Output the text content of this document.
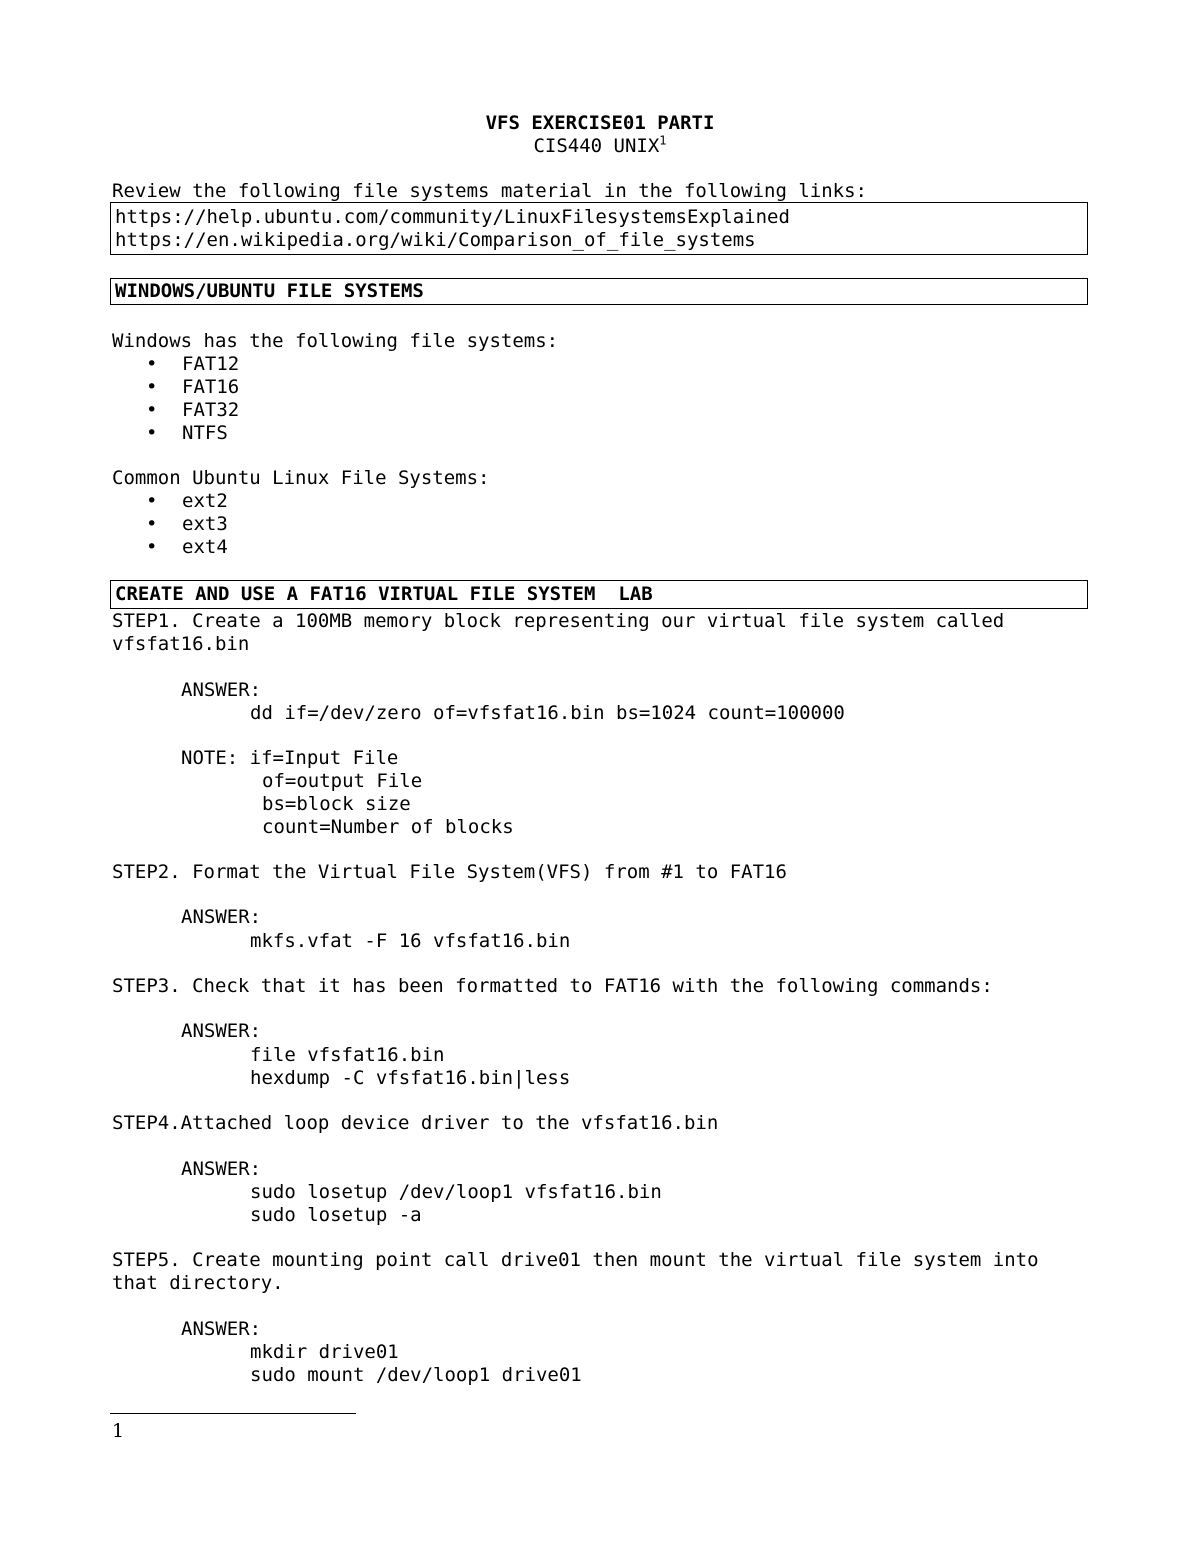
VFS EXERCISE01 PARTI
CIS440 UNIX$^1$
Review the following file systems material in the following links:
https://help.ubuntu.com/community/LinuxFilesystemsExplained
https://en.wikipedia.org/wiki/Comparison_of_file_systems
WINDOWS/UBUNTU FILE SYSTEMS
Windows has the following file systems:
• FAT12
• FAT16
• FAT32
• NTFS
Common Ubuntu Linux File Systems:
• ext2
• ext3
• ext4
CREATE AND USE A FAT16 VIRTUAL FILE SYSTEM  LAB
STEP1. Create a 100MB memory block representing our virtual file system called
vfsfat16.bin
ANSWER:
dd if=/dev/zero of=vfsfat16.bin bs=1024 count=100000
NOTE: if=Input File
of=output File
bs=block size
count=Number of blocks
STEP2. Format the Virtual File System(VFS) from #1 to FAT16
ANSWER:
mkfs.vfat -F 16 vfsfat16.bin
STEP3. Check that it has been formatted to FAT16 with the following commands:
ANSWER:
file vfsfat16.bin
hexdump -C vfsfat16.bin|less
STEP4.Attached loop device driver to the vfsfat16.bin
ANSWER:
sudo losetup /dev/loop1 vfsfat16.bin
sudo losetup -a
STEP5. Create mounting point call drive01 then mount the virtual file system into
that directory.
ANSWER:
mkdir drive01
sudo mount /dev/loop1 drive01
1
